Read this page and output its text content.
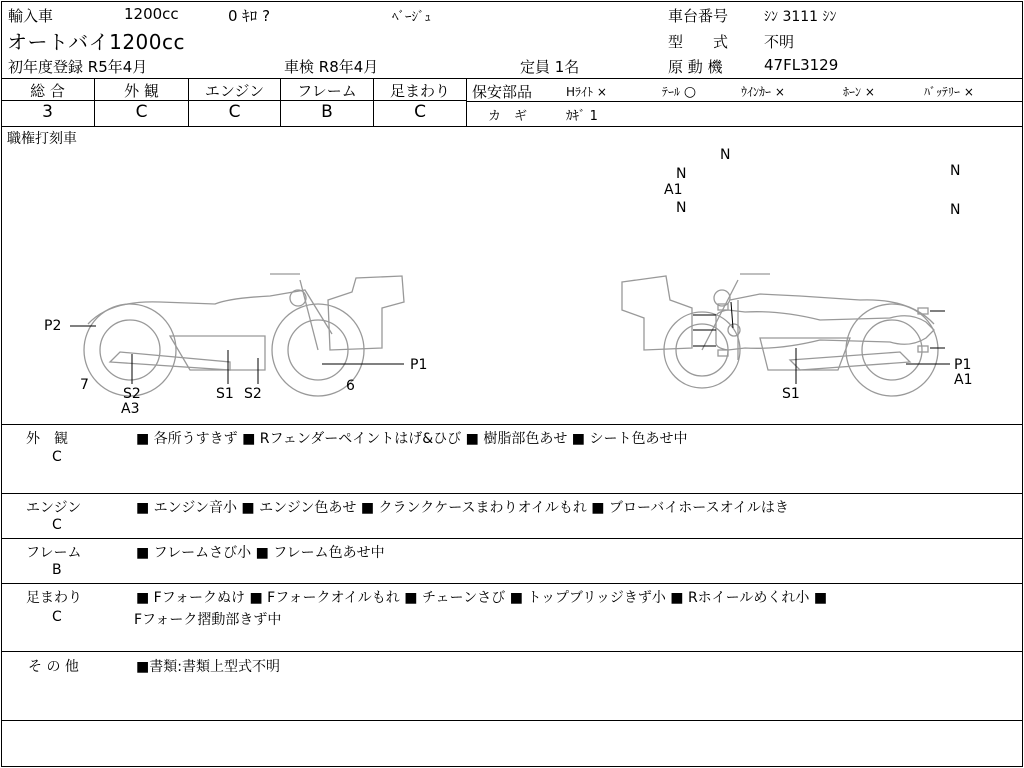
輸入車	1200cc	0 ｷﾛ ?	ﾍﾞｰｼﾞｭ
オートバイ1200cc
初年度登録 R5年4月	車検 R8年4月	定員 1名
車台番号	ｼﾝ 3111 ｼﾝ
型　　式 不明
原 動 機	47FL3129
総 合	外 観	エンジン	フレーム	足まわり
3	C	C	B	C
保安部品	Hﾗｲﾄ ×	ﾃｰﾙ ○	ｳｲﾝｶｰ ×	ﾎｰﾝ ×	ﾊﾞｯﾃﾘｰ ×
カ　ギ	ｶｷﾞ 1
職権打刻車
N
N
A1
N
N
N
P2
7
S2
A3
S1 S2	6
P1	P1
A1
S1
外　観
C
■ 各所うすきず ■ Rフェンダーペイントはげ&ひび ■ 樹脂部色あせ ■ シート色あせ中
エンジン
C
■ エンジン音小 ■ エンジン色あせ ■ クランクケースまわりオイルもれ ■ ブローバイホースオイルはき
フレーム
B
■ フレームさび小 ■ フレーム色あせ中
足まわり
C
■ Fフォークぬけ ■ Fフォークオイルもれ ■ チェーンさび ■ トップブリッジきず小 ■ Rホイールめくれ小 ■
Fフォーク摺動部きず中
そ の 他	■書類:書類上型式不明
